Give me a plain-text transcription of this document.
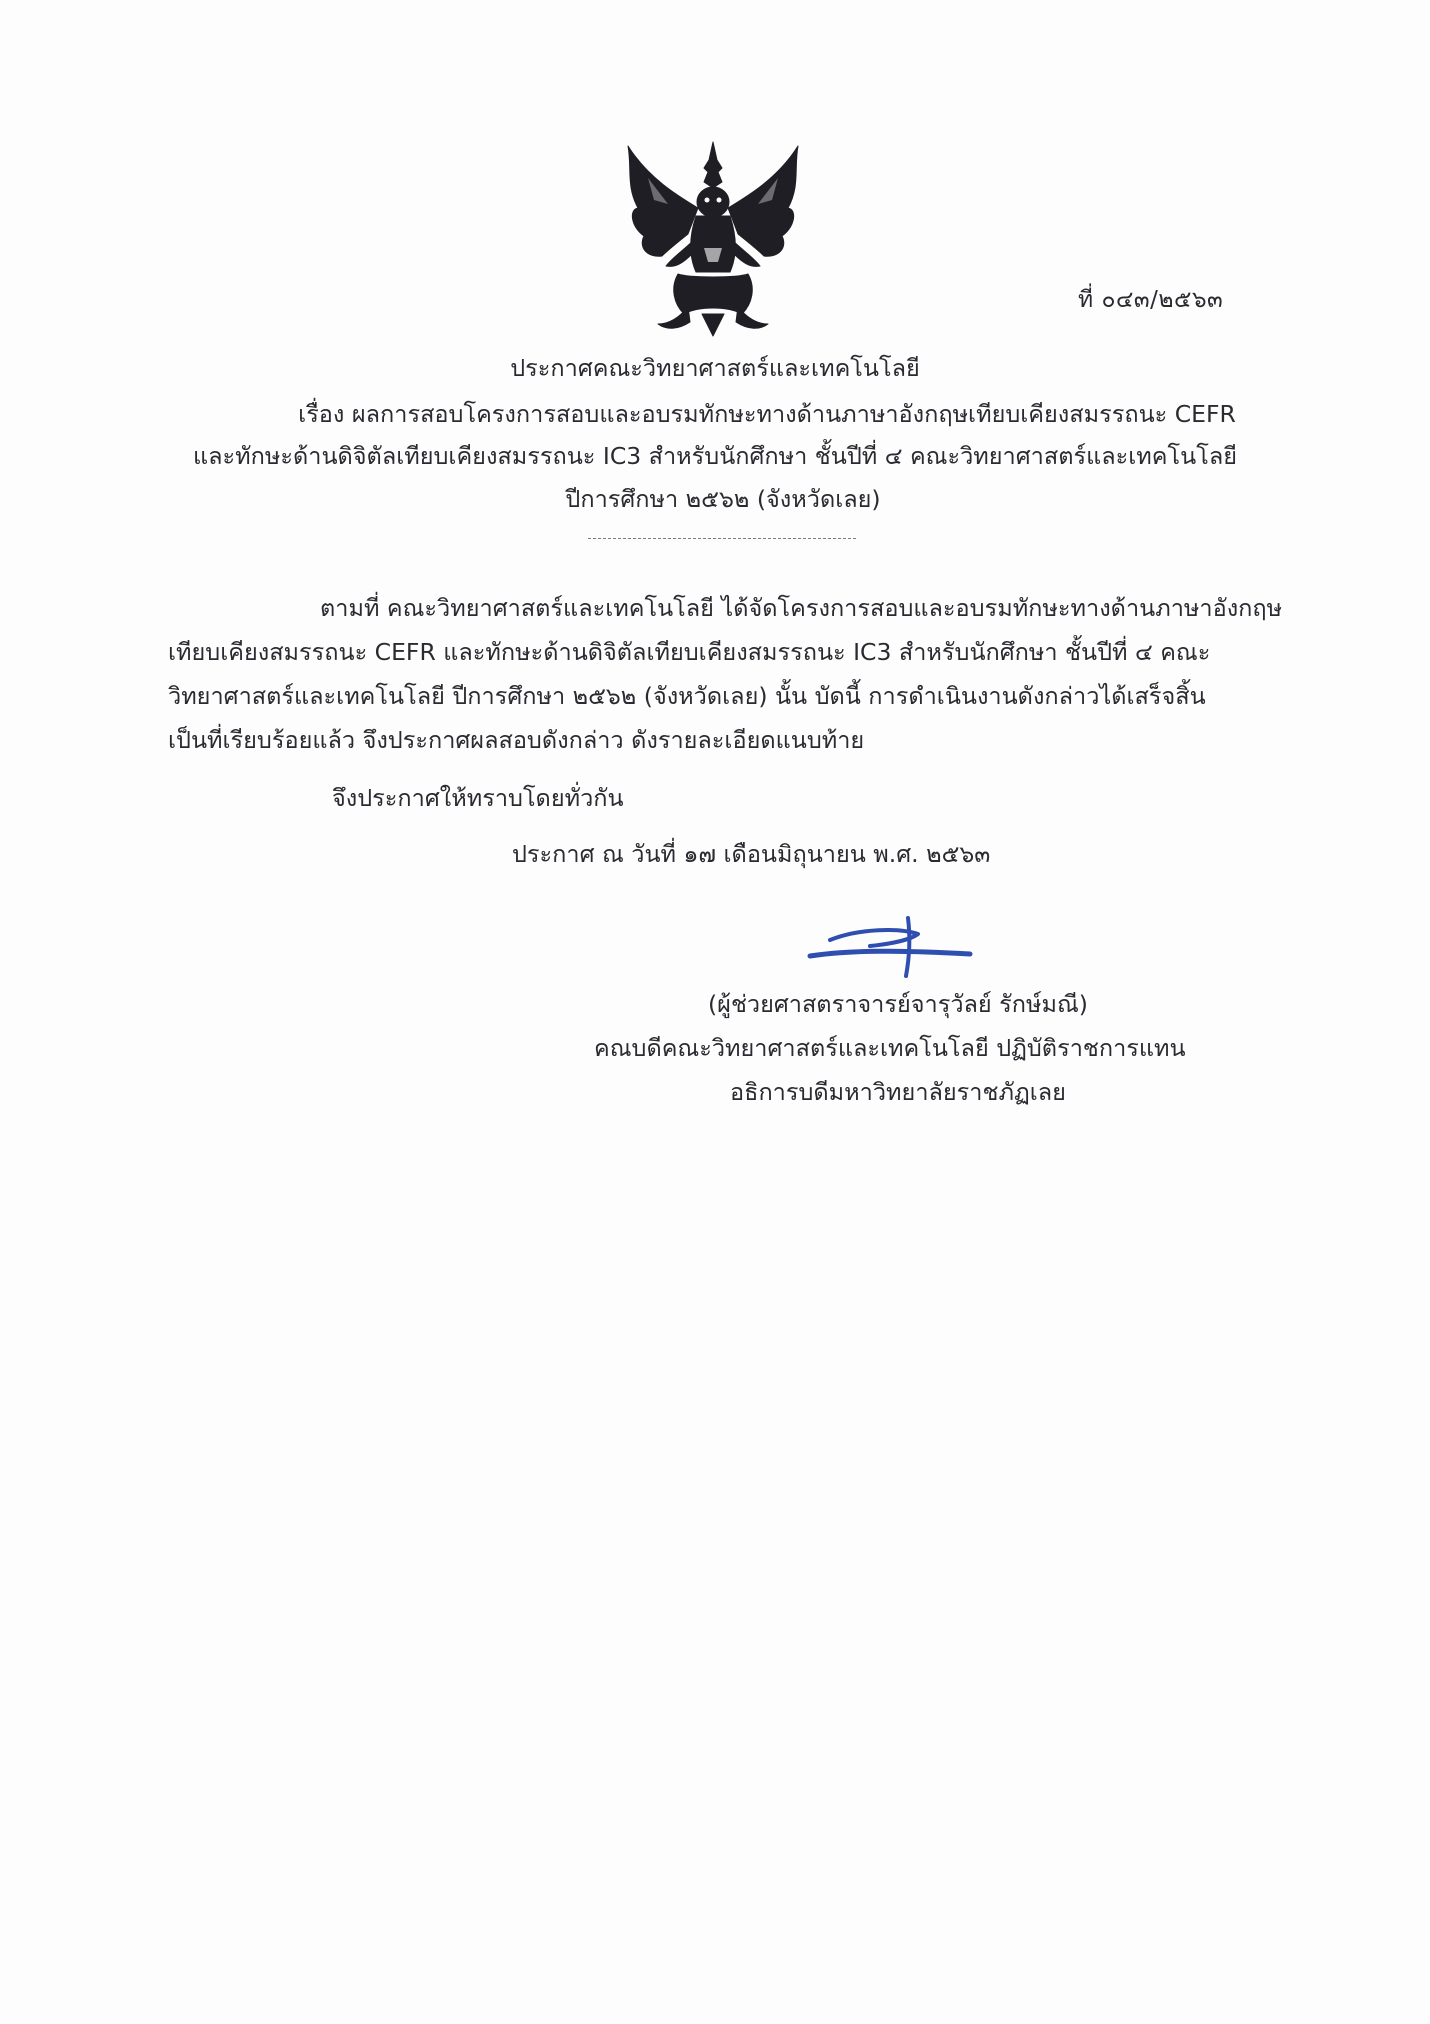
ที่ ๐๔๓/๒๕๖๓
ประกาศคณะวิทยาศาสตร์และเทคโนโลยี
เรื่อง ผลการสอบโครงการสอบและอบรมทักษะทางด้านภาษาอังกฤษเทียบเคียงสมรรถนะ CEFR
และทักษะด้านดิจิตัลเทียบเคียงสมรรถนะ IC3 สำหรับนักศึกษา ชั้นปีที่ ๔ คณะวิทยาศาสตร์และเทคโนโลยี
ปีการศึกษา ๒๕๖๒ (จังหวัดเลย)
ตามที่ คณะวิทยาศาสตร์และเทคโนโลยี ได้จัดโครงการสอบและอบรมทักษะทางด้านภาษาอังกฤษ
เทียบเคียงสมรรถนะ CEFR และทักษะด้านดิจิตัลเทียบเคียงสมรรถนะ IC3 สำหรับนักศึกษา ชั้นปีที่ ๔ คณะ
วิทยาศาสตร์และเทคโนโลยี ปีการศึกษา ๒๕๖๒ (จังหวัดเลย) นั้น บัดนี้ การดำเนินงานดังกล่าวได้เสร็จสิ้น
เป็นที่เรียบร้อยแล้ว จึงประกาศผลสอบดังกล่าว ดังรายละเอียดแนบท้าย
จึงประกาศให้ทราบโดยทั่วกัน
ประกาศ ณ วันที่ ๑๗ เดือนมิถุนายน พ.ศ. ๒๕๖๓
(ผู้ช่วยศาสตราจารย์จารุวัลย์ รักษ์มณี)
คณบดีคณะวิทยาศาสตร์และเทคโนโลยี ปฏิบัติราชการแทน
อธิการบดีมหาวิทยาลัยราชภัฏเลย
